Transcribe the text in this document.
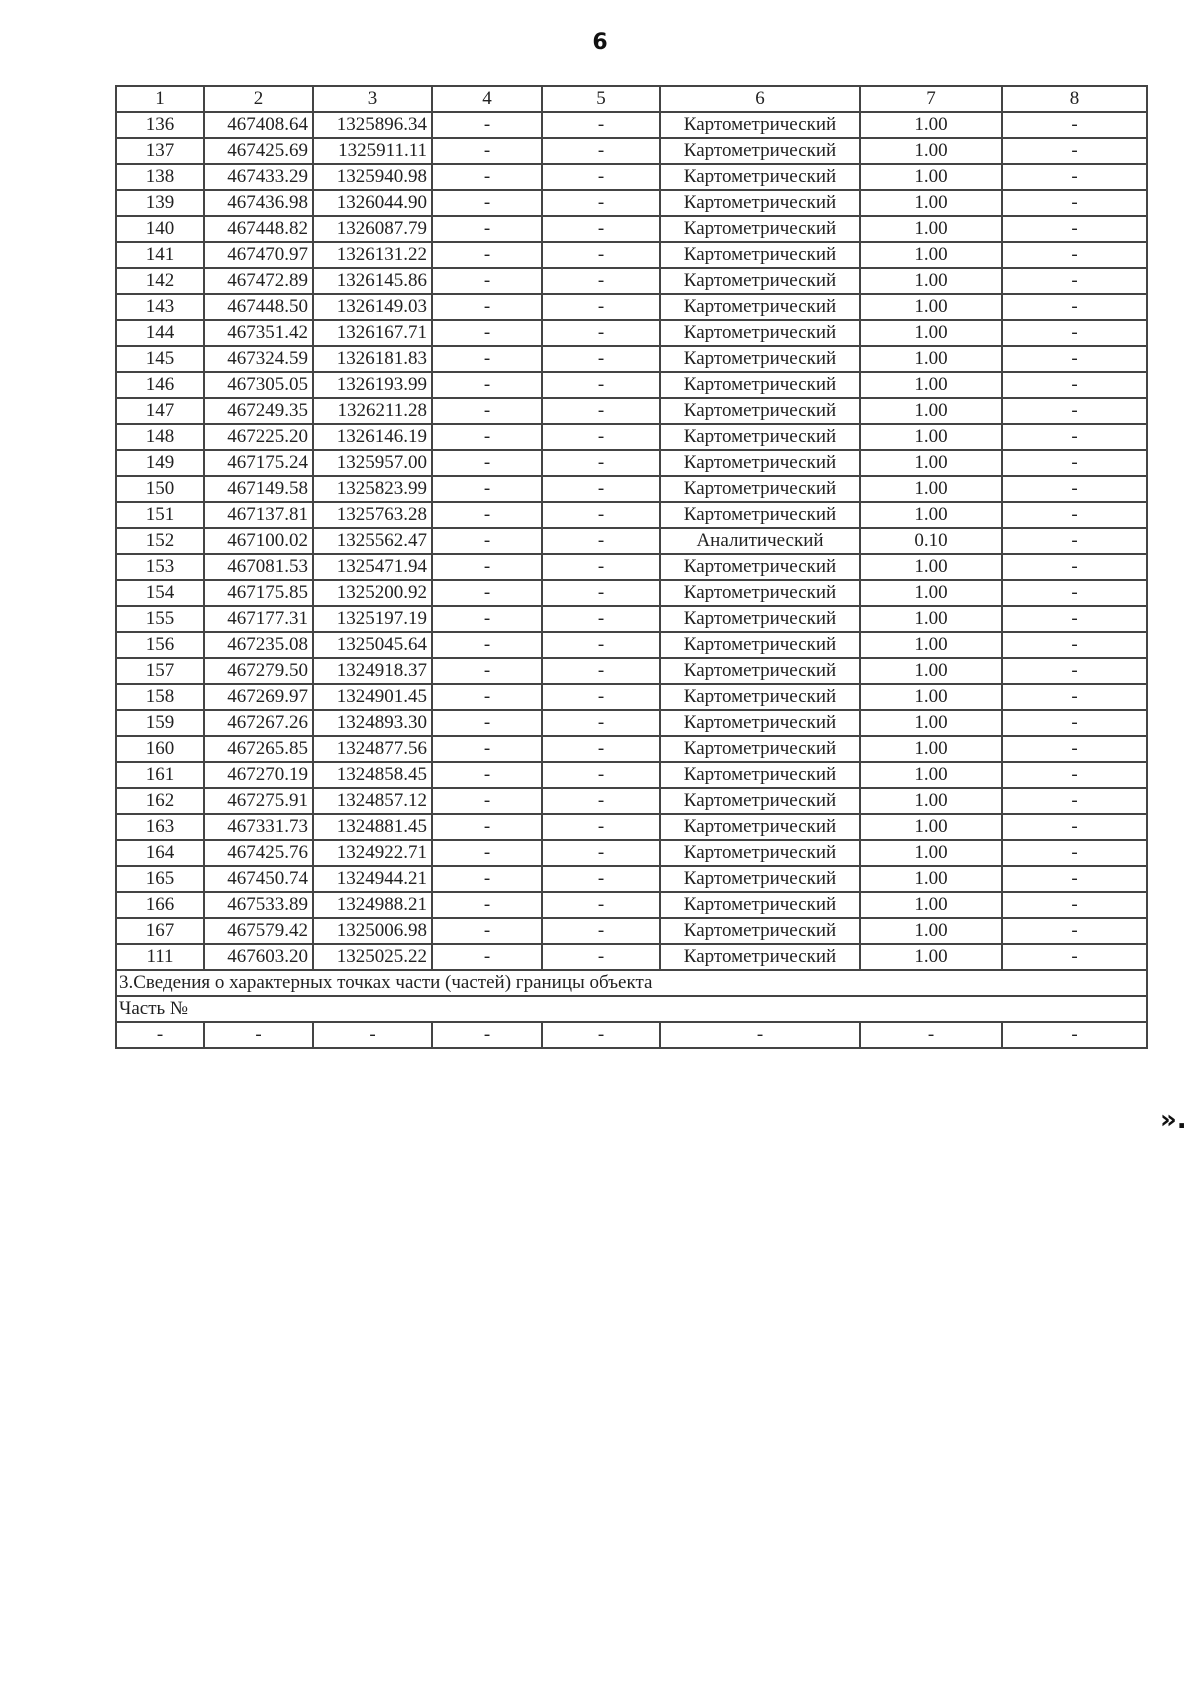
6
1	2	3	4	5	6	7	8
136	467408.64	1325896.34	-	-	Картометрический	1.00	-
137	467425.69	1325911.11	-	-	Картометрический	1.00	-
138	467433.29	1325940.98	-	-	Картометрический	1.00	-
139	467436.98	1326044.90	-	-	Картометрический	1.00	-
140	467448.82	1326087.79	-	-	Картометрический	1.00	-
141	467470.97	1326131.22	-	-	Картометрический	1.00	-
142	467472.89	1326145.86	-	-	Картометрический	1.00	-
143	467448.50	1326149.03	-	-	Картометрический	1.00	-
144	467351.42	1326167.71	-	-	Картометрический	1.00	-
145	467324.59	1326181.83	-	-	Картометрический	1.00	-
146	467305.05	1326193.99	-	-	Картометрический	1.00	-
147	467249.35	1326211.28	-	-	Картометрический	1.00	-
148	467225.20	1326146.19	-	-	Картометрический	1.00	-
149	467175.24	1325957.00	-	-	Картометрический	1.00	-
150	467149.58	1325823.99	-	-	Картометрический	1.00	-
151	467137.81	1325763.28	-	-	Картометрический	1.00	-
152	467100.02	1325562.47	-	-	Аналитический	0.10	-
153	467081.53	1325471.94	-	-	Картометрический	1.00	-
154	467175.85	1325200.92	-	-	Картометрический	1.00	-
155	467177.31	1325197.19	-	-	Картометрический	1.00	-
156	467235.08	1325045.64	-	-	Картометрический	1.00	-
157	467279.50	1324918.37	-	-	Картометрический	1.00	-
158	467269.97	1324901.45	-	-	Картометрический	1.00	-
159	467267.26	1324893.30	-	-	Картометрический	1.00	-
160	467265.85	1324877.56	-	-	Картометрический	1.00	-
161	467270.19	1324858.45	-	-	Картометрический	1.00	-
162	467275.91	1324857.12	-	-	Картометрический	1.00	-
163	467331.73	1324881.45	-	-	Картометрический	1.00	-
164	467425.76	1324922.71	-	-	Картометрический	1.00	-
165	467450.74	1324944.21	-	-	Картометрический	1.00	-
166	467533.89	1324988.21	-	-	Картометрический	1.00	-
167	467579.42	1325006.98	-	-	Картометрический	1.00	-
111	467603.20	1325025.22	-	-	Картометрический	1.00	-
3.Сведения о характерных точках части (частей) границы объекта							
Часть №							
-	-	-	-	-	-	-	-
».
